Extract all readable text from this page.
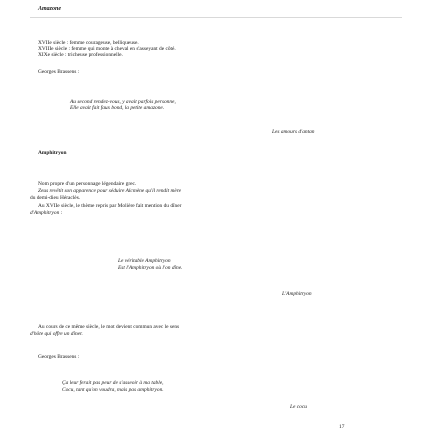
Amazone
XVIIe siècle : femme courageuse, belliqueuse.
XVIIIe siècle : femme qui monte à cheval en s'asseyant de côté.
XIXe siècle : tricheuse professionnelle.
Georges Brassens :
Au second rendez-vous, y avait parfois personne,
Elle avait fait faux bond, la petite amazone.
Les amours d'antan
Amphitryon
Nom propre d'un personnage légendaire grec.
Zeus revêtit son apparence pour séduire Alcmène qu'il rendit mère
du demi-dieu Héraclès.
Au XVIIe siècle, le thème repris par Molière fait mention du dîner
d'Amphitryon :
Le véritable Amphitryon
Est l'Amphitryon où l'on dîne.
L'Amphitryon
Au cours de ce même siècle, le mot devient commun avec le sens
d'hôte qui offre un dîner.
Georges Brassens :
Ça leur ferait pas peur de s'asseoir à ma table,
Cocu, tant qu'on voudra, mais pas amphitryon.
Le cocu
17
